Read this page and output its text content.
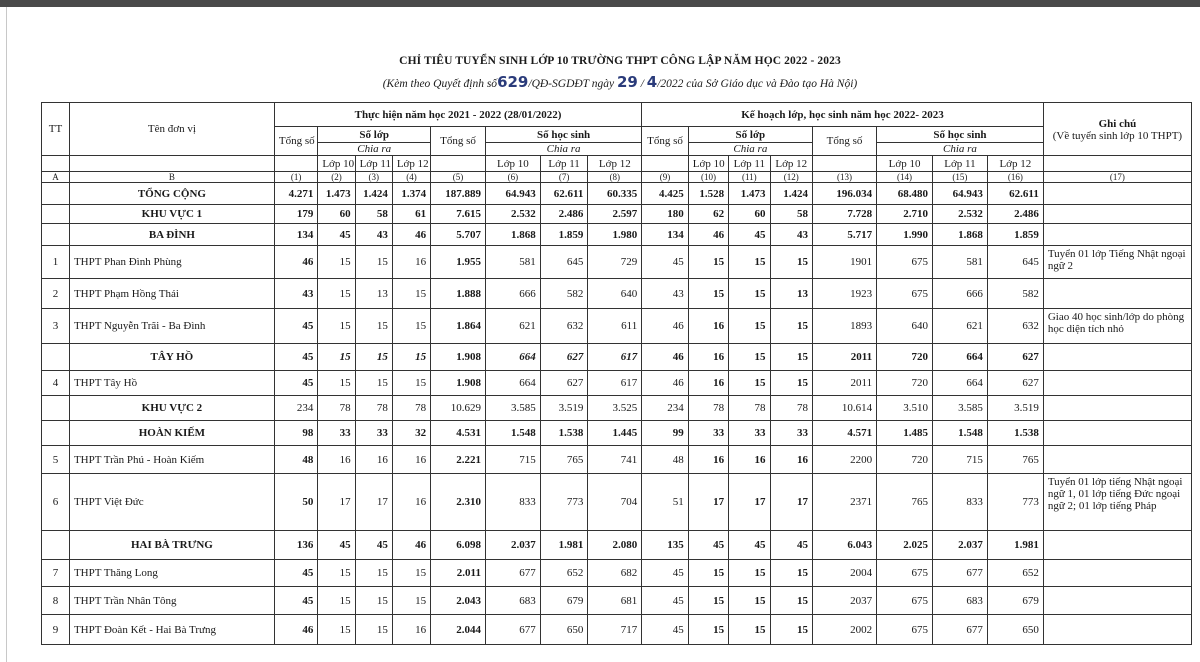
CHỈ TIÊU TUYỂN SINH LỚP 10 TRƯỜNG THPT CÔNG LẬP NĂM HỌC 2022 - 2023
(Kèm theo Quyết định số629/QĐ-SGDĐT ngày 29 / 4/2022 của Sở Giáo dục và Đào tạo Hà Nội)
TT	Tên đơn vị	Thực hiện năm học 2021 - 2022 (28/01/2022)								Kế hoạch lớp, học sinh năm học 2022- 2023								Ghi chú
(Về tuyển sinh lớp 10 THPT)
		Tổng số	Số lớp			Tổng số	Số học sinh			Tổng số	Số lớp			Tổng số	Số học sinh			
			Chia ra				Chia ra				Chia ra				Chia ra			
			Lớp 10	Lớp 11	Lớp 12		Lớp 10	Lớp 11	Lớp 12		Lớp 10	Lớp 11	Lớp 12		Lớp 10	Lớp 11	Lớp 12	
A	B	(1)	(2)	(3)	(4)	(5)	(6)	(7)	(8)	(9)	(10)	(11)	(12)	(13)	(14)	(15)	(16)	(17)
	TỔNG CỘNG	4.271	1.473	1.424	1.374	187.889	64.943	62.611	60.335	4.425	1.528	1.473	1.424	196.034	68.480	64.943	62.611	
	KHU VỰC 1	179	60	58	61	7.615	2.532	2.486	2.597	180	62	60	58	7.728	2.710	2.532	2.486	
	BA ĐÌNH	134	45	43	46	5.707	1.868	1.859	1.980	134	46	45	43	5.717	1.990	1.868	1.859	
1	THPT Phan Đình Phùng	46	15	15	16	1.955	581	645	729	45	15	15	15	1901	675	581	645	Tuyển 01 lớp Tiếng Nhật ngoại ngữ 2
2	THPT Phạm Hồng Thái	43	15	13	15	1.888	666	582	640	43	15	15	13	1923	675	666	582	
3	THPT Nguyễn Trãi - Ba Đình	45	15	15	15	1.864	621	632	611	46	16	15	15	1893	640	621	632	Giao 40 học sinh/lớp do phòng học diện tích nhỏ
	TÂY HỒ	45	15	15	15	1.908	664	627	617	46	16	15	15	2011	720	664	627	
4	THPT Tây Hồ	45	15	15	15	1.908	664	627	617	46	16	15	15	2011	720	664	627	
	KHU VỰC 2	234	78	78	78	10.629	3.585	3.519	3.525	234	78	78	78	10.614	3.510	3.585	3.519	
	HOÀN KIẾM	98	33	33	32	4.531	1.548	1.538	1.445	99	33	33	33	4.571	1.485	1.548	1.538	
5	THPT Trần Phú - Hoàn Kiếm	48	16	16	16	2.221	715	765	741	48	16	16	16	2200	720	715	765	
6	THPT Việt Đức	50	17	17	16	2.310	833	773	704	51	17	17	17	2371	765	833	773	Tuyển 01 lớp tiếng Nhật ngoại ngữ 1, 01 lớp tiếng Đức ngoại ngữ 2; 01 lớp tiếng Pháp
	HAI BÀ TRƯNG	136	45	45	46	6.098	2.037	1.981	2.080	135	45	45	45	6.043	2.025	2.037	1.981	
7	THPT Thăng Long	45	15	15	15	2.011	677	652	682	45	15	15	15	2004	675	677	652	
8	THPT Trần Nhân Tông	45	15	15	15	2.043	683	679	681	45	15	15	15	2037	675	683	679	
9	THPT Đoàn Kết - Hai Bà Trưng	46	15	15	16	2.044	677	650	717	45	15	15	15	2002	675	677	650	
